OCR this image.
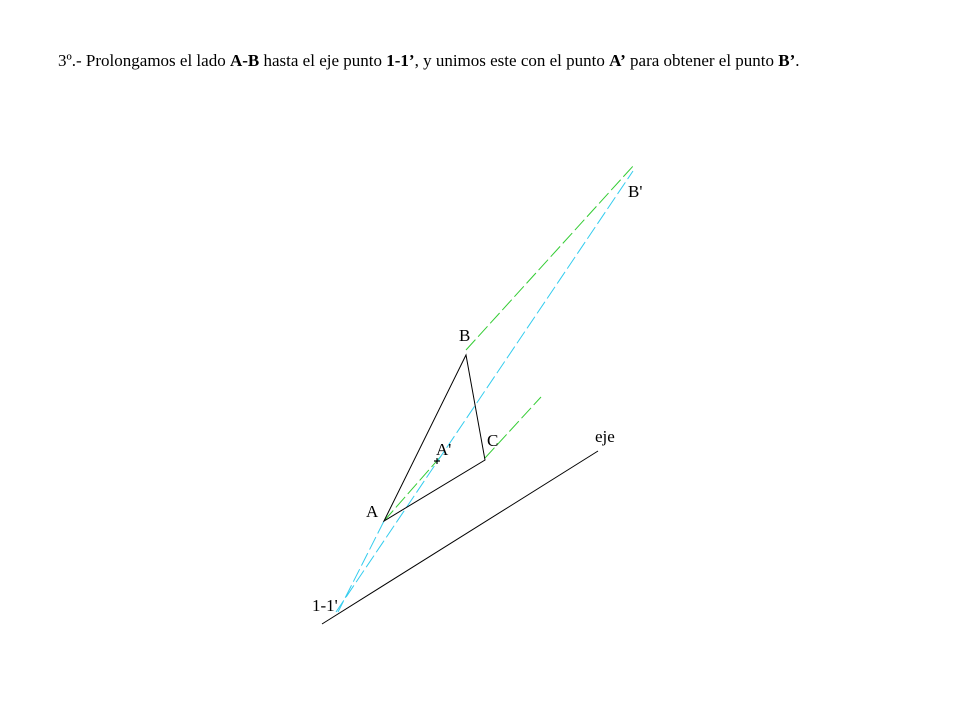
3º.- Prolongamos el lado A-B hasta el eje punto 1-1’, y unimos este con el punto A’ para obtener el punto B’.

B
C
A
A'
B'
1-1'
eje
